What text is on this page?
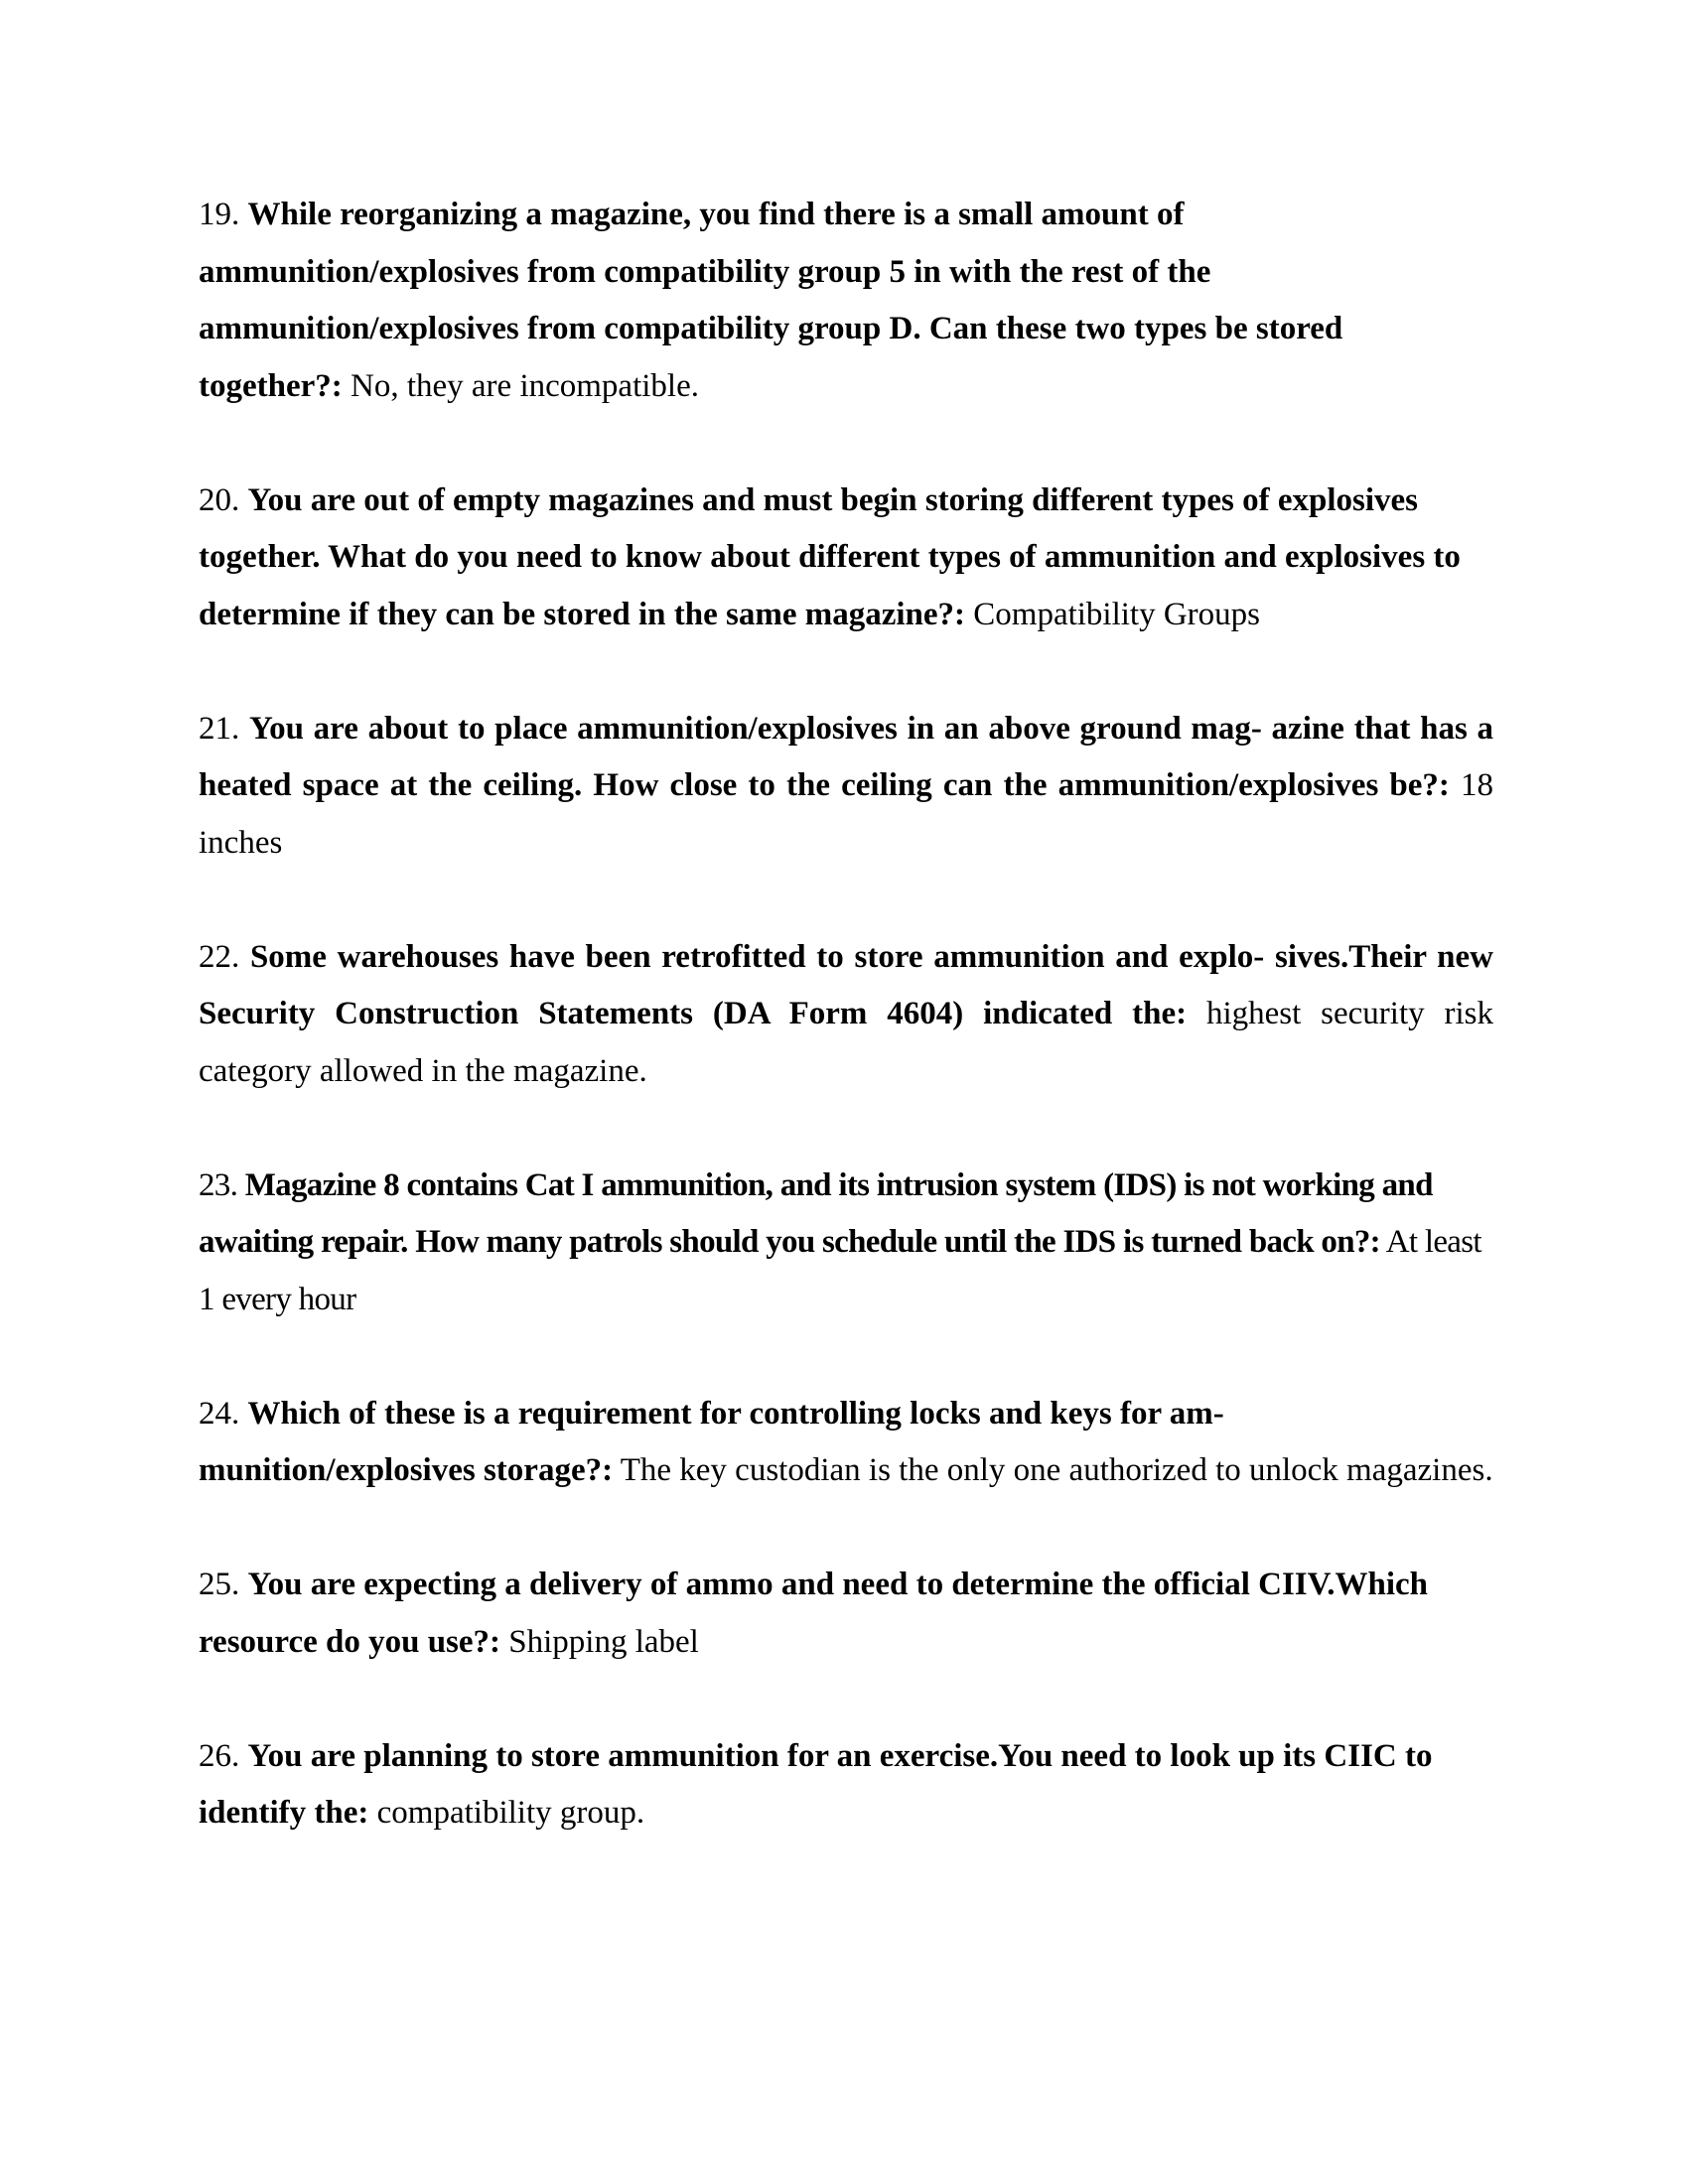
19. While reorganizing a magazine, you find there is a small amount of ammunition/explosives from compatibility group 5 in with the rest of the ammunition/explosives from compatibility group D. Can these two types be stored together?: No, they are incompatible.
20. You are out of empty magazines and must begin storing different types of explosives together. What do you need to know about different types of ammunition and explosives to determine if they can be stored in the same magazine?: Compatibility Groups
21. You are about to place ammunition/explosives in an above ground mag- azine that has a heated space at the ceiling. How close to the ceiling can the ammunition/explosives be?: 18 inches
22. Some warehouses have been retrofitted to store ammunition and explo- sives.Their new Security Construction Statements (DA Form 4604) indicated the: highest security risk category allowed in the magazine.
23. Magazine 8 contains Cat I ammunition, and its intrusion system (IDS) is not working and awaiting repair. How many patrols should you schedule until the IDS is turned back on?: At least 1 every hour
24. Which of these is a requirement for controlling locks and keys for am- munition/explosives storage?: The key custodian is the only one authorized to unlock magazines.
25. You are expecting a delivery of ammo and need to determine the official CIIV.Which resource do you use?: Shipping label
26. You are planning to store ammunition for an exercise.You need to look up its CIIC to identify the: compatibility group.
